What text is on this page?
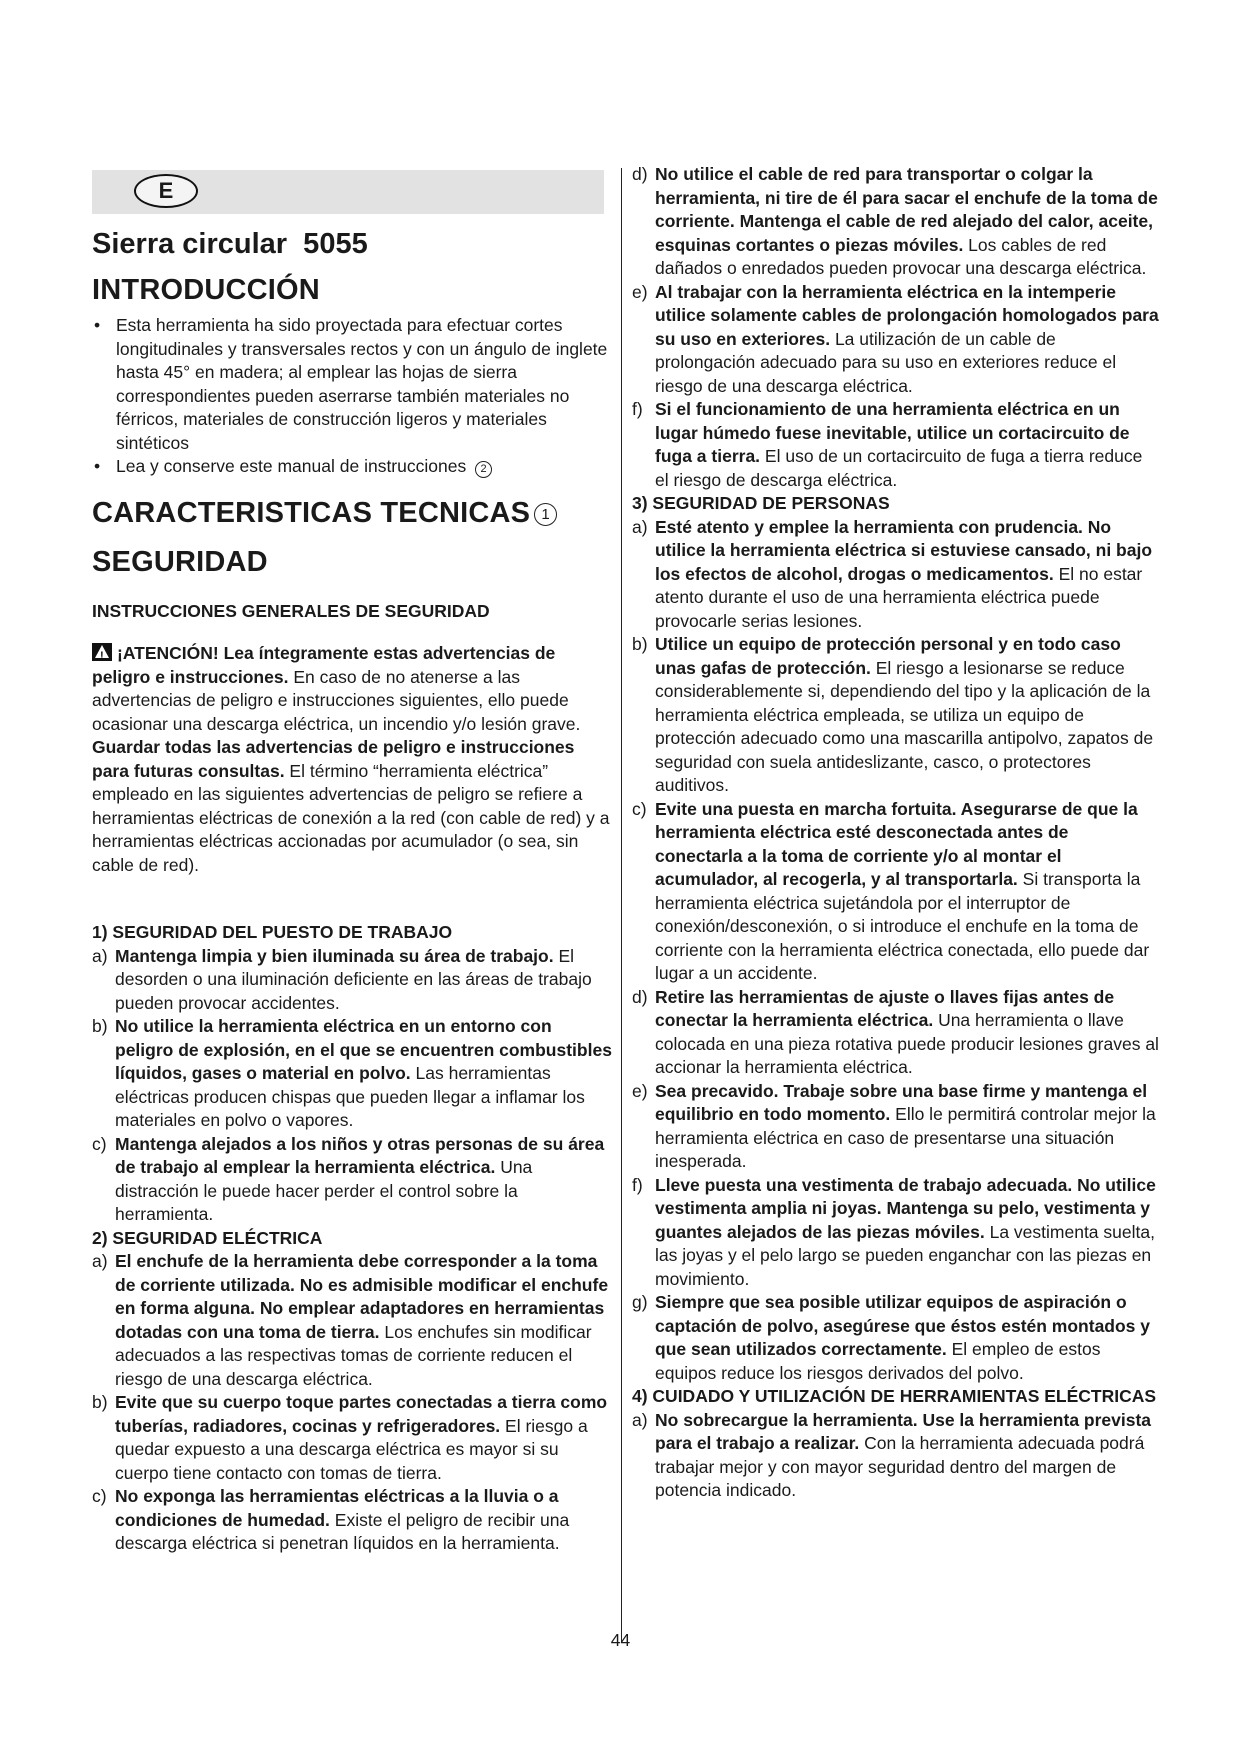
E
Sierra circular  5055
INTRODUCCIÓN
• Esta herramienta ha sido proyectada para efectuar cortes longitudinales y transversales rectos y con un ángulo de inglete hasta 45° en madera; al emplear las hojas de sierra correspondientes pueden aserrarse también materiales no férricos, materiales de construcción ligeros y materiales sintéticos
• Lea y conserve este manual de instrucciones 2
CARACTERISTICAS TECNICAS 1
SEGURIDAD
INSTRUCCIONES GENERALES DE SEGURIDAD

!¡ATENCIÓN! Lea íntegramente estas advertencias de peligro e instrucciones. En caso de no atenerse a las advertencias de peligro e instrucciones siguientes, ello puede ocasionar una descarga eléctrica, un incendio y/o lesión grave. Guardar todas las advertencias de peligro e instrucciones para futuras consultas. El término “herramienta eléctrica” empleado en las siguientes advertencias de peligro se refiere a herramientas eléctricas de conexión a la red (con cable de red) y a herramientas eléctricas accionadas por acumulador (o sea, sin cable de red).

1) SEGURIDAD DEL PUESTO DE TRABAJO
a) Mantenga limpia y bien iluminada su área de trabajo. El desorden o una iluminación deficiente en las áreas de trabajo pueden provocar accidentes.
b) No utilice la herramienta eléctrica en un entorno con peligro de explosión, en el que se encuentren combustibles líquidos, gases o material en polvo. Las herramientas eléctricas producen chispas que pueden llegar a inflamar los materiales en polvo o vapores.
c) Mantenga alejados a los niños y otras personas de su área de trabajo al emplear la herramienta eléctrica. Una distracción le puede hacer perder el control sobre la herramienta.
2) SEGURIDAD ELÉCTRICA
a) El enchufe de la herramienta debe corresponder a la toma de corriente utilizada. No es admisible modificar el enchufe en forma alguna. No emplear adaptadores en herramientas dotadas con una toma de tierra. Los enchufes sin modificar adecuados a las respectivas tomas de corriente reducen el riesgo de una descarga eléctrica.
b) Evite que su cuerpo toque partes conectadas a tierra como tuberías, radiadores, cocinas y refrigeradores. El riesgo a quedar expuesto a una descarga eléctrica es mayor si su cuerpo tiene contacto con tomas de tierra.
c) No exponga las herramientas eléctricas a la lluvia o a condiciones de humedad. Existe el peligro de recibir una descarga eléctrica si penetran líquidos en la herramienta.
d) No utilice el cable de red para transportar o colgar la herramienta, ni tire de él para sacar el enchufe de la toma de corriente. Mantenga el cable de red alejado del calor, aceite, esquinas cortantes o piezas móviles. Los cables de red dañados o enredados pueden provocar una descarga eléctrica.
e) Al trabajar con la herramienta eléctrica en la intemperie utilice solamente cables de prolongación homologados para su uso en exteriores. La utilización de un cable de prolongación adecuado para su uso en exteriores reduce el riesgo de una descarga eléctrica.
f) Si el funcionamiento de una herramienta eléctrica en un lugar húmedo fuese inevitable, utilice un cortacircuito de fuga a tierra. El uso de un cortacircuito de fuga a tierra reduce el riesgo de descarga eléctrica.
3) SEGURIDAD DE PERSONAS
a) Esté atento y emplee la herramienta con prudencia. No utilice la herramienta eléctrica si estuviese cansado, ni bajo los efectos de alcohol, drogas o medicamentos. El no estar atento durante el uso de una herramienta eléctrica puede provocarle serias lesiones.
b) Utilice un equipo de protección personal y en todo caso unas gafas de protección. El riesgo a lesionarse se reduce considerablemente si, dependiendo del tipo y la aplicación de la herramienta eléctrica empleada, se utiliza un equipo de protección adecuado como una mascarilla antipolvo, zapatos de seguridad con suela antideslizante, casco, o protectores auditivos.
c) Evite una puesta en marcha fortuita. Asegurarse de que la herramienta eléctrica esté desconectada antes de conectarla a la toma de corriente y/o al montar el acumulador, al recogerla, y al transportarla. Si transporta la herramienta eléctrica sujetándola por el interruptor de conexión/desconexión, o si introduce el enchufe en la toma de corriente con la herramienta eléctrica conectada, ello puede dar lugar a un accidente.
d) Retire las herramientas de ajuste o llaves fijas antes de conectar la herramienta eléctrica. Una herramienta o llave colocada en una pieza rotativa puede producir lesiones graves al accionar la herramienta eléctrica.
e) Sea precavido. Trabaje sobre una base firme y mantenga el equilibrio en todo momento. Ello le permitirá controlar mejor la herramienta eléctrica en caso de presentarse una situación inesperada.
f) Lleve puesta una vestimenta de trabajo adecuada. No utilice vestimenta amplia ni joyas. Mantenga su pelo, vestimenta y guantes alejados de las piezas móviles. La vestimenta suelta, las joyas y el pelo largo se pueden enganchar con las piezas en movimiento.
g) Siempre que sea posible utilizar equipos de aspiración o captación de polvo, asegúrese que éstos estén montados y que sean utilizados correctamente. El empleo de estos equipos reduce los riesgos derivados del polvo.
4) CUIDADO Y UTILIZACIÓN DE HERRAMIENTAS ELÉCTRICAS
a) No sobrecargue la herramienta. Use la herramienta prevista para el trabajo a realizar. Con la herramienta adecuada podrá trabajar mejor y con mayor seguridad dentro del margen de potencia indicado.
44
